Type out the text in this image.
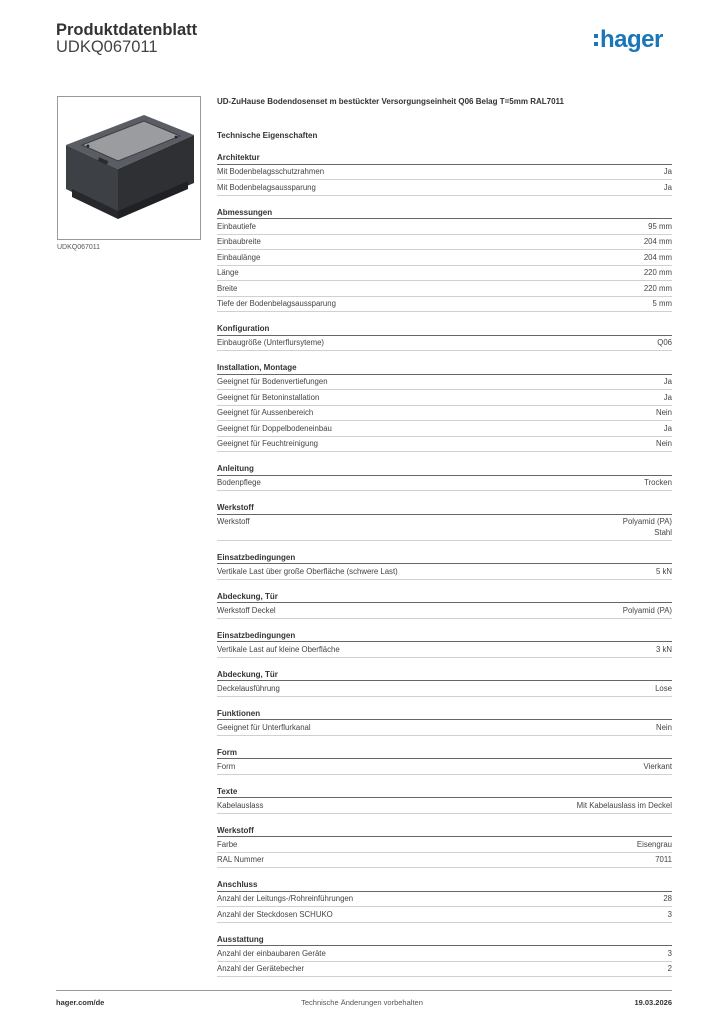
Produktdatenblatt
UDKQ067011	hager
UDKQ067011
UD-ZuHause Bodendosenset m bestückter Versorgungseinheit Q06 Belag T=5mm RAL7011
Technische Eigenschaften
Architektur
Mit Bodenbelagsschutzrahmen	Ja
Mit Bodenbelagsaussparung	Ja
Abmessungen
Einbautiefe	95 mm
Einbaubreite	204 mm
Einbaulänge	204 mm
Länge	220 mm
Breite	220 mm
Tiefe der Bodenbelagsaussparung	5 mm
Konfiguration
Einbaugröße (Unterflursyteme)	Q06
Installation, Montage
Geeignet für Bodenvertiefungen	Ja
Geeignet für Betoninstallation	Ja
Geeignet für Aussenbereich	Nein
Geeignet für Doppelbodeneinbau	Ja
Geeignet für Feuchtreinigung	Nein
Anleitung
Bodenpflege	Trocken
Werkstoff
Werkstoff	Polyamid (PA)
Stahl
Einsatzbedingungen
Vertikale Last über große Oberfläche (schwere Last)	5 kN
Abdeckung, Tür
Werkstoff Deckel	Polyamid (PA)
Einsatzbedingungen
Vertikale Last auf kleine Oberfläche	3 kN
Abdeckung, Tür
Deckelausführung	Lose
Funktionen
Geeignet für Unterflurkanal	Nein
Form
Form	Vierkant
Texte
Kabelauslass	Mit Kabelauslass im Deckel
Werkstoff
Farbe	Eisengrau
RAL Nummer	7011
Anschluss
Anzahl der Leitungs-/Rohreinführungen	28
Anzahl der Steckdosen SCHUKO	3
Ausstattung
Anzahl der einbaubaren Geräte	3
Anzahl der Gerätebecher	2
hager.com/de	Technische Änderungen vorbehalten	19.03.2026
